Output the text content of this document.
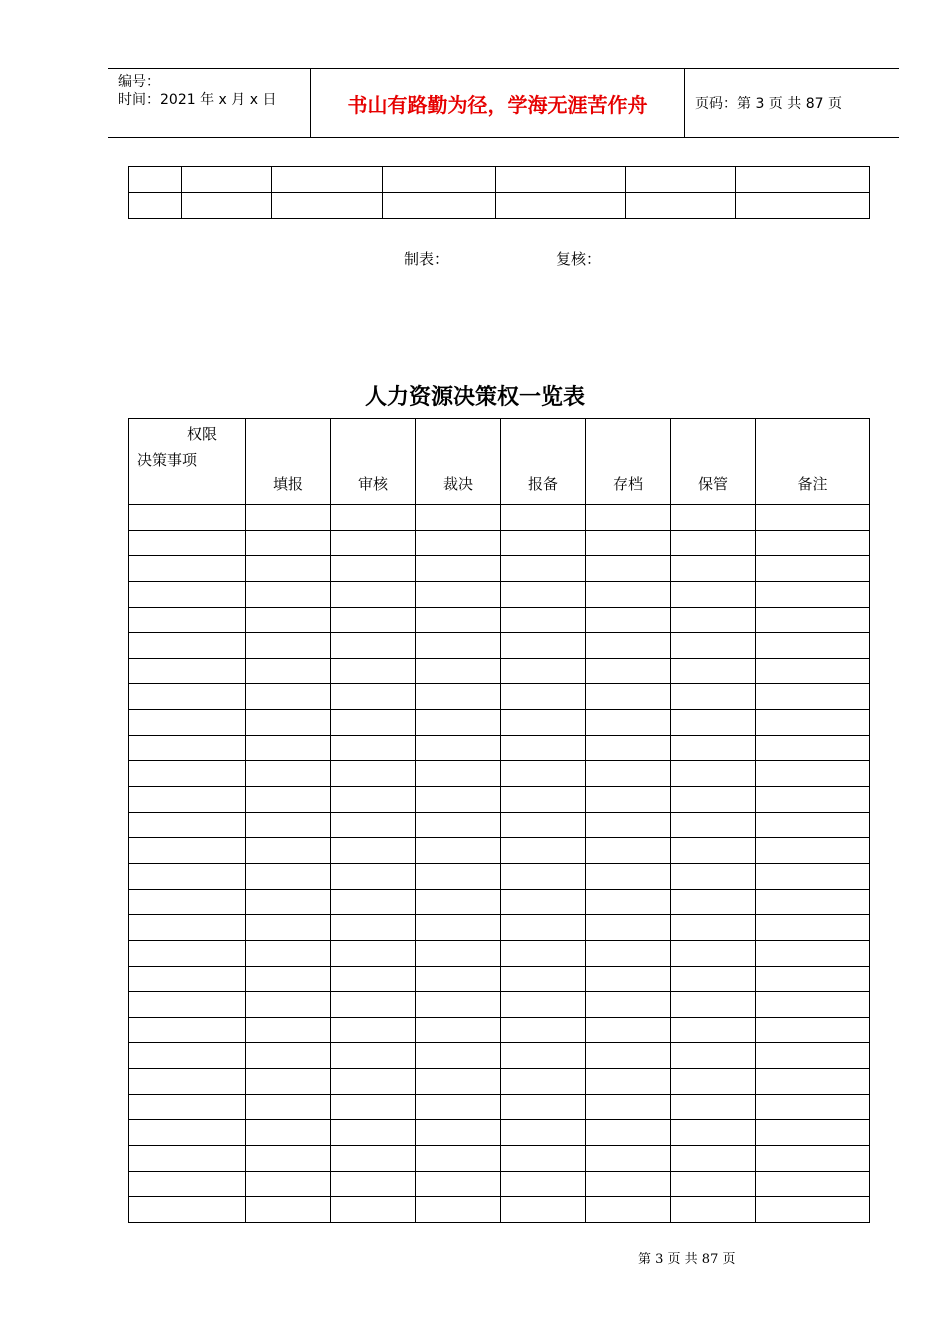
编号：
时间：2021 年 x 月 x 日	书山有路勤为径，学海无涯苦作舟	页码：第 3 页 共 87 页

制表：	复核：
人力资源决策权一览表
权限
决策事项	填报	审核	裁决	报备	存档	保管	备注

第 3 页 共 87 页
